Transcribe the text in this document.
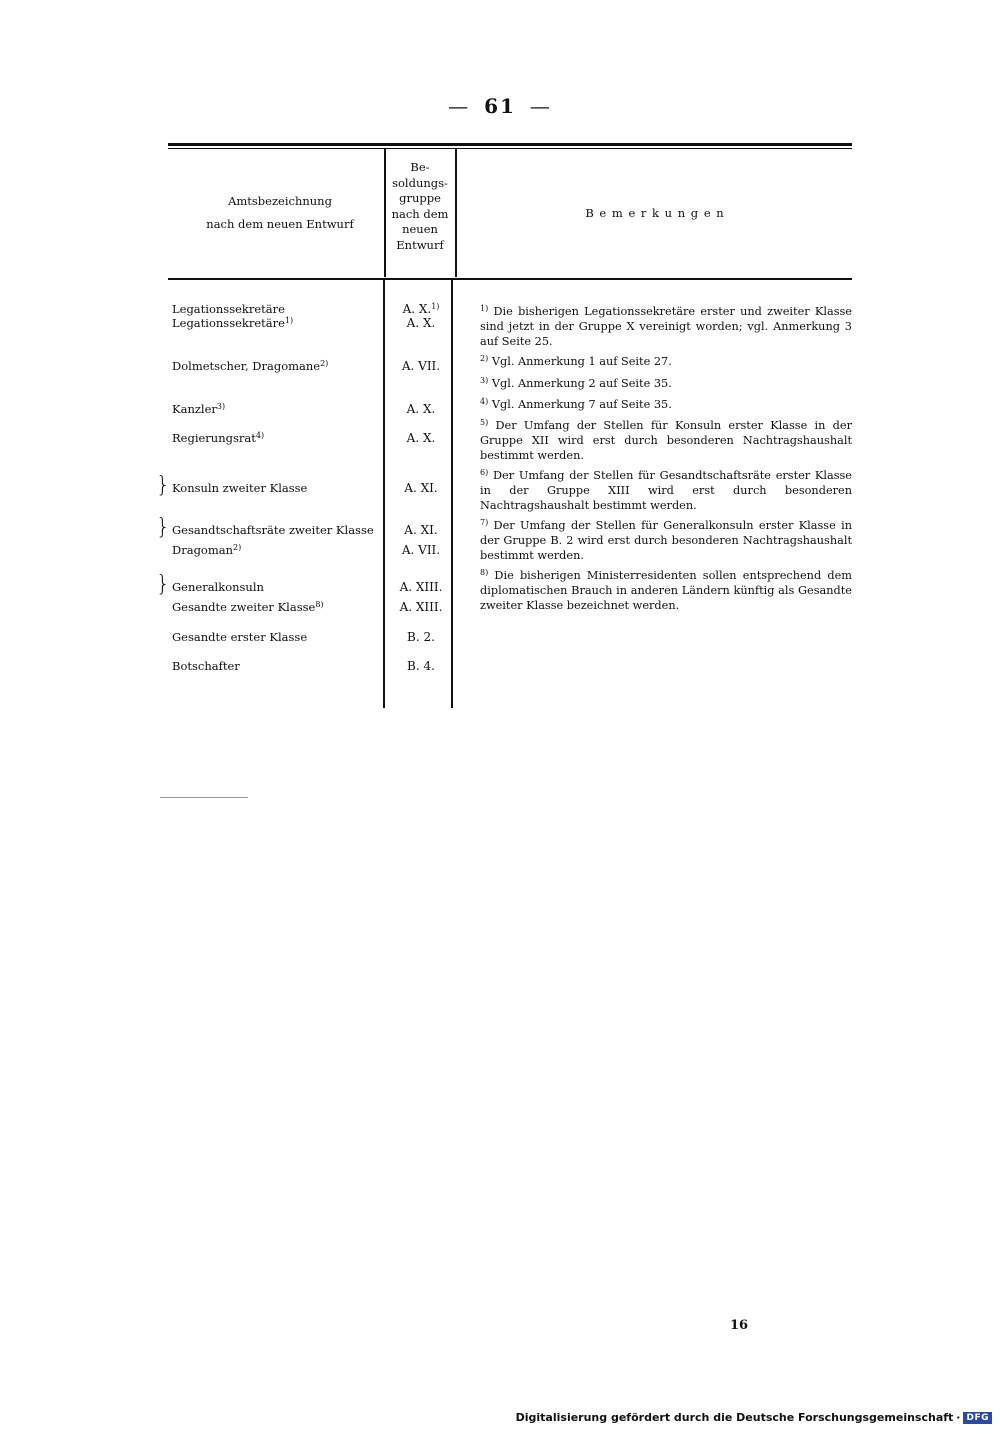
— 61 —
Amtsbezeichnung
nach dem neuen Entwurf
Be-
soldungs-
gruppe
nach dem
neuen
Entwurf
B e m e r k u n g e n
}
}
}
Legationssekretäre
Legationssekretäre$^{1)}$
Dolmetscher, Dragomane$^{2)}$
Kanzler$^{3)}$
Regierungsrat$^{4)}$
Konsuln zweiter Klasse
Gesandtschaftsräte zweiter Klasse
Dragoman$^{2)}$
Generalkonsuln
Gesandte zweiter Klasse$^{8)}$
Gesandte erster Klasse
Botschafter
A. X.$^{1)}$
A. X.
A. VII.
A. X.
A. X.
A. XI.
A. XI.
A. VII.
A. XIII.
A. XIII.
B. 2.
B. 4.
$^{1)}$ Die bisherigen Legationssekretäre erster und zweiter Klasse sind jetzt in der Gruppe X vereinigt worden; vgl. Anmerkung 3 auf Seite 25.
$^{2)}$ Vgl. Anmerkung 1 auf Seite 27.
$^{3)}$ Vgl. Anmerkung 2 auf Seite 35.
$^{4)}$ Vgl. Anmerkung 7 auf Seite 35.
$^{5)}$ Der Umfang der Stellen für Konsuln erster Klasse in der Gruppe XII wird erst durch besonderen Nachtragshaushalt bestimmt werden.
$^{6)}$ Der Umfang der Stellen für Gesandtschaftsräte erster Klasse in der Gruppe XIII wird erst durch besonderen Nachtragshaushalt bestimmt werden.
$^{7)}$ Der Umfang der Stellen für Generalkonsuln erster Klasse in der Gruppe B. 2 wird erst durch besonderen Nachtragshaushalt bestimmt werden.
$^{8)}$ Die bisherigen Ministerresidenten sollen entsprechend dem diplomatischen Brauch in anderen Ländern künftig als Gesandte zweiter Klasse bezeichnet werden.
16
Digitalisierung gefördert durch die Deutsche Forschungsgemeinschaft · DFG
